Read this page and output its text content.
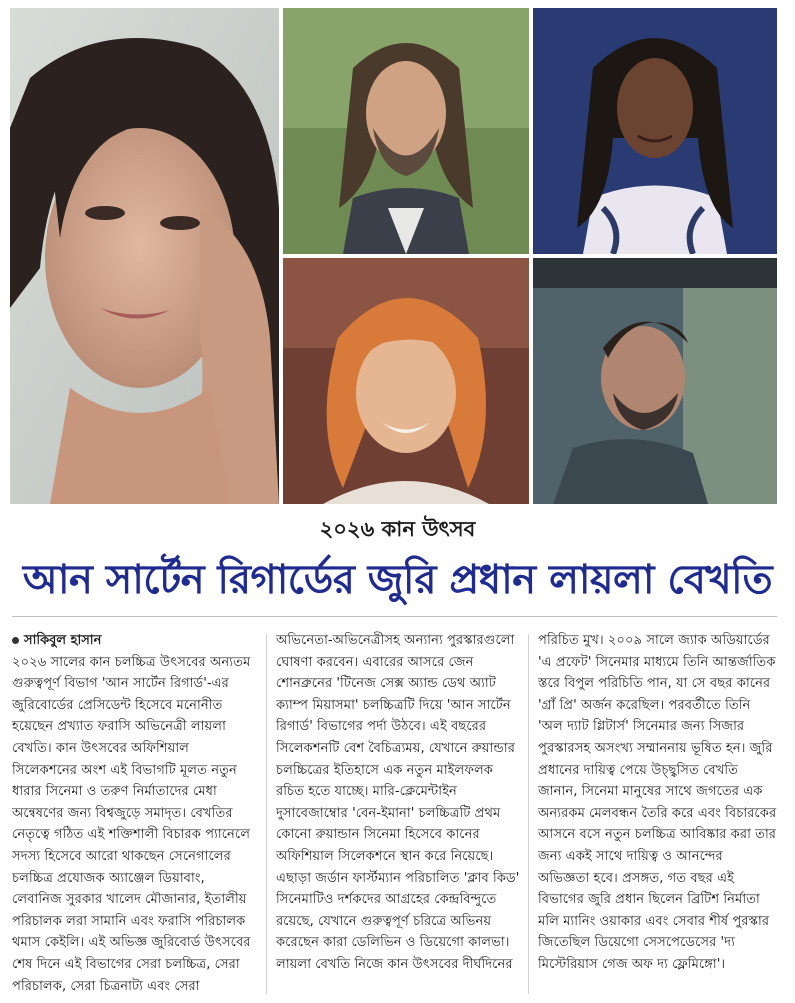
২০২৬ কান উৎসব
আন সার্টেন রিগার্ডের জুরি প্রধান লায়লা বেখতি
সাকিবুল হাসান
২০২৬ সালের কান চলচ্চিত্র উৎসবের অন্যতম গুরুত্বপূর্ণ বিভাগ 'আন সার্টেন রিগার্ড'-এর জুরিবোর্ডের প্রেসিডেন্ট হিসেবে মনোনীত হয়েছেন প্রখ্যাত ফরাসি অভিনেত্রী লায়লা বেখতি। কান উৎসবের অফিশিয়াল সিলেকশনের অংশ এই বিভাগটি মূলত নতুন ধারার সিনেমা ও তরুণ নির্মাতাদের মেধা অন্বেষণের জন্য বিশ্বজুড়ে সমাদৃত। বেখতির নেতৃত্বে গঠিত এই শক্তিশালী বিচারক প্যানেলে সদস্য হিসেবে আরো থাকছেন সেনেগালের চলচ্চিত্র প্রযোজক অ্যাঞ্জেল ডিয়াবাং, লেবানিজ সুরকার খালেদ মৌজানার, ইতালীয় পরিচালক লরা সামানি এবং ফরাসি পরিচালক থমাস কেইলি। এই অভিজ্ঞ জুরিবোর্ড উৎসবের শেষ দিনে এই বিভাগের সেরা চলচ্চিত্র, সেরা পরিচালক, সেরা চিত্রনাট্য এবং সেরা
অভিনেতা-অভিনেত্রীসহ অন্যান্য পুরস্কারগুলো ঘোষণা করবেন। এবারের আসরে জেন শোনব্রুনের 'টিনেজ সেক্স অ্যান্ড ডেথ অ্যাট ক্যাম্প মিয়াসমা' চলচ্চিত্রটি দিয়ে 'আন সার্টেন রিগার্ড' বিভাগের পর্দা উঠবে। এই বছরের সিলেকশনটি বেশ বৈচিত্র্যময়, যেখানে রুয়ান্ডার চলচ্চিত্রের ইতিহাসে এক নতুন মাইলফলক রচিত হতে যাচ্ছে। মারি-ক্লেমেন্টাইন দুসাবেজাম্বোর 'বেন-ইমানা' চলচ্চিত্রটি প্রথম কোনো রুয়ান্ডান সিনেমা হিসেবে কানের অফিশিয়াল সিলেকশনে স্থান করে নিয়েছে। এছাড়া জর্ডান ফার্স্টম্যান পরিচালিত 'ক্লাব কিড' সিনেমাটিও দর্শকদের আগ্রহের কেন্দ্রবিন্দুতে রয়েছে, যেখানে গুরুত্বপূর্ণ চরিত্রে অভিনয় করেছেন কারা ডেলিভিন ও ডিয়েগো কালভা। লায়লা বেখতি নিজে কান উৎসবের দীর্ঘদিনের
পরিচিত মুখ। ২০০৯ সালে জ্যাক অডিয়ার্ডের 'এ প্রফেট' সিনেমার মাধ্যমে তিনি আন্তর্জাতিক স্তরে বিপুল পরিচিতি পান, যা সে বছর কানের 'গ্রাঁ প্রি' অর্জন করেছিল। পরবর্তীতে তিনি 'অল দ্যাট গ্লিটার্স' সিনেমার জন্য সিজার পুরস্কারসহ অসংখ্য সম্মাননায় ভূষিত হন। জুরি প্রধানের দায়িত্ব পেয়ে উচ্ছ্বসিত বেখতি জানান, সিনেমা মানুষের সাথে জগতের এক অন্যরকম মেলবন্ধন তৈরি করে এবং বিচারকের আসনে বসে নতুন চলচ্চিত্র আবিষ্কার করা তার জন্য একই সাথে দায়িত্ব ও আনন্দের অভিজ্ঞতা হবে। প্রসঙ্গত, গত বছর এই বিভাগের জুরি প্রধান ছিলেন ব্রিটিশ নির্মাতা মলি ম্যানিং ওয়াকার এবং সেবার শীর্ষ পুরস্কার জিতেছিল ডিয়েগো সেসপেডেসের 'দ্য মিস্টেরিয়াস গেজ অফ দ্য ফ্লেমিঙ্গো'।
